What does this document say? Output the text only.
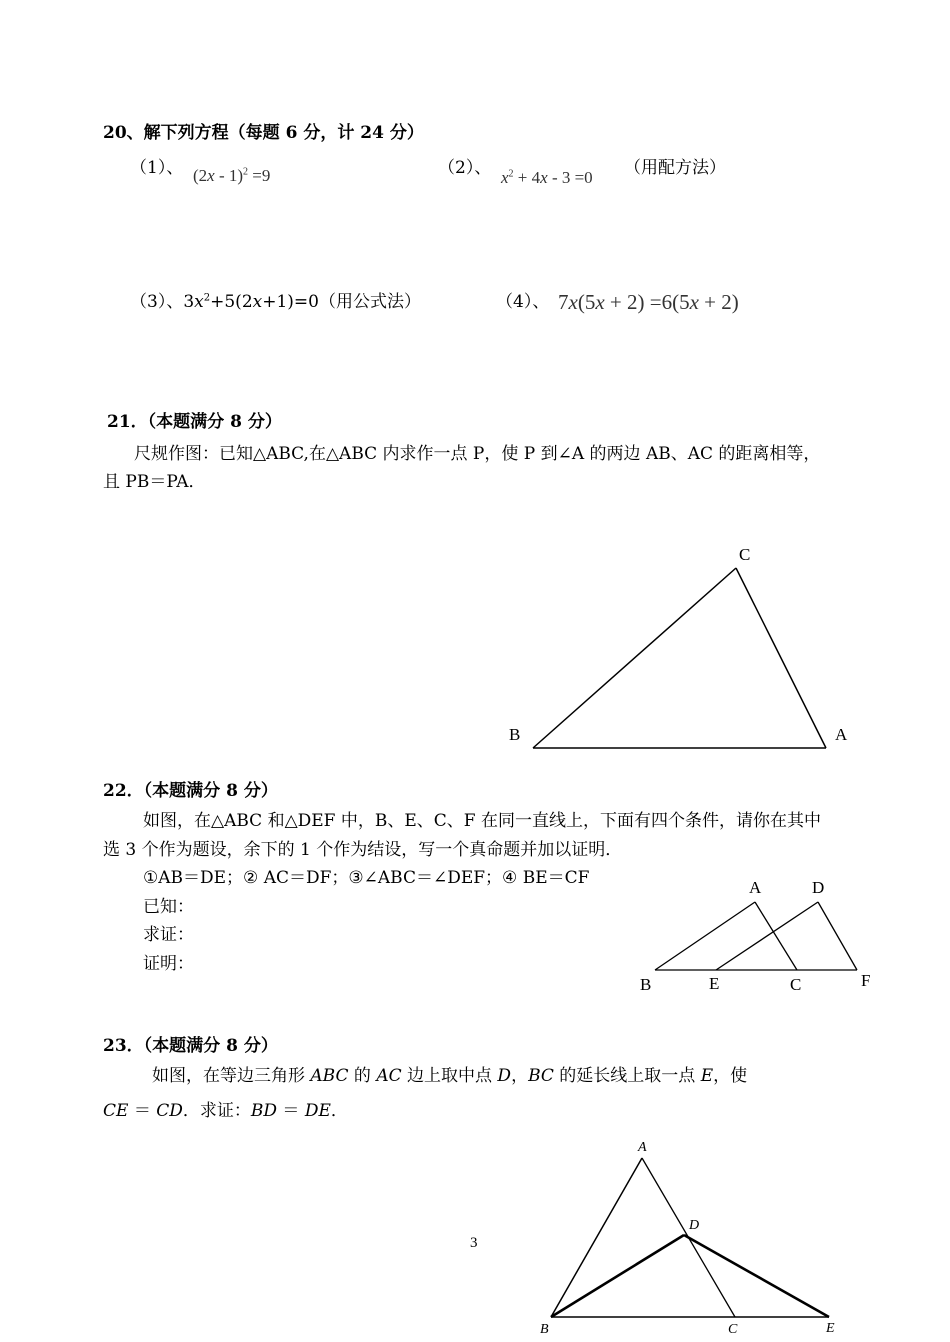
20、解下列方程（每题 6 分，计 24 分）
（1）、 (2x - 1)$^2$ =9	（2）、 $x^2 + 4x - 3 =0$ （用配方法）
（3）、$3x^2+5(2x+1)=0$（用公式法）	（4）、 7x(5x + 2) =6(5x + 2)
21．（本题满分 8 分）
尺规作图：已知△ABC,在△ABC 内求作一点 P，使 P 到∠A 的两边 AB、AC 的距离相等，
且 PB＝PA．
C
B	A
22．（本题满分 8 分）
如图，在△ABC 和△DEF 中，B、E、C、F 在同一直线上，下面有四个条件，请你在其中
选 3 个作为题设，余下的 1 个作为结设，写一个真命题并加以证明．
①AB＝DE；② AC＝DF；③∠ABC＝∠DEF；④ BE＝CF
已知：
求证：
证明：
A	D
B	E	C	F
23．（本题满分 8 分）
如图，在等边三角形 ABC 的 AC 边上取中点 D，BC 的延长线上取一点 E，使
CE ＝ CD．求证：BD ＝ DE．
A
D
B	C	E
3
